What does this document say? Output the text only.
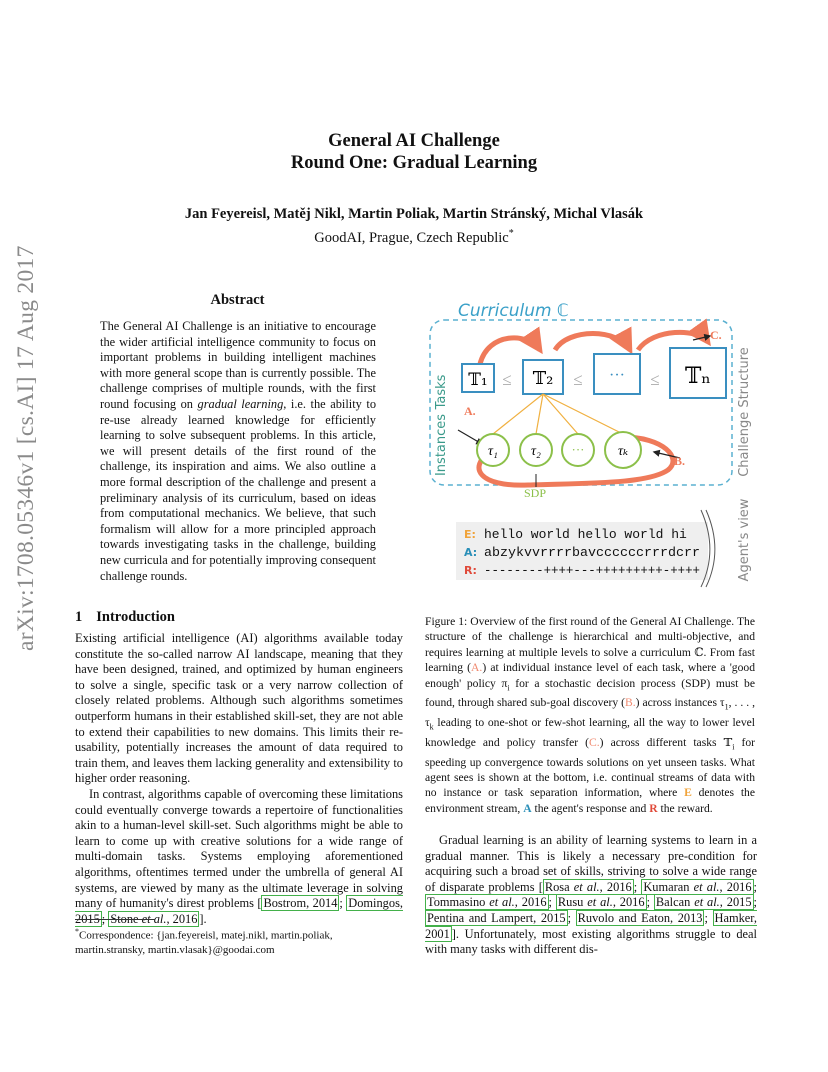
arXiv:1708.05346v1 [cs.AI] 17 Aug 2017
General AI Challenge
Round One: Gradual Learning
Jan Feyereisl, Matěj Nikl, Martin Poliak, Martin Stránský, Michal Vlasák
GoodAI, Prague, Czech Republic*
Abstract

The General AI Challenge is an initiative to encourage the wider artificial intelligence community to focus on important problems in building intelligent machines with more general scope than is currently possible. The challenge comprises of multiple rounds, with the first round focusing on gradual learning, i.e. the ability to re-use already learned knowledge for efficiently learning to solve subsequent problems. In this article, we will present details of the first round of the challenge, its inspiration and aims. We also outline a more formal description of the challenge and present a preliminary analysis of its curriculum, based on ideas from computational mechanics. We believe, that such formalism will allow for a more principled approach towards investigating tasks in the challenge, building new curricula and for potentially improving consequent challenge rounds.

1 Introduction

Existing artificial intelligence (AI) algorithms available today constitute the so-called narrow AI landscape, meaning that they have been designed, trained, and optimized by human engineers to solve a single, specific task or a very narrow collection of closely related problems. Although such algorithms sometimes outperform humans in their established skill-set, they are not able to extend their capabilities to new domains. This limits their re-usability, potentially increases the amount of data required to train them, and leaves them lacking generality and extensibility to higher order reasoning.

In contrast, algorithms capable of overcoming these limitations could eventually converge towards a repertoire of functionalities akin to a human-level skill-set. Such algorithms might be able to learn to come up with creative solutions for a wide range of multi-domain tasks. Systems employing aforementioned algorithms, oftentimes termed under the umbrella of general AI systems, are viewed by many as the ultimate leverage in solving many of humanity's direst problems [ Bostrom, 2014 ; Domingos, 2015 ; Stone et al., 2016 ].

*Correspondence: {jan.feyereisl, matej.nikl, martin.poliak, martin.stransky, martin.vlasak}@goodai.com
Curriculum ℂ
Tasks
Instances	Challenge Structure
Agent's view
𝕋₁ ≤ 𝕋₂ ≤ ··· ≤ 𝕋ₙ
τ₁ τ₂ ··· τₖ
A.
B.
C.
SDP
E: hello world hello world hi
A: abzykvvrrrrbavccccccrrrdcrr
R: --------++++---+++++++++-++++
Figure 1: Overview of the first round of the General AI Challenge. The structure of the challenge is hierarchical and multi-objective, and requires learning at multiple levels to solve a curriculum ℂ. From fast learning (A.) at individual instance level of each task, where a 'good enough' policy $\pi_i$ for a stochastic decision process (SDP) must be found, through shared sub-goal discovery (B.) across instances $\tau_1$, . . . , $\tau_k$ leading to one-shot or few-shot learning, all the way to lower level knowledge and policy transfer (C.) across different tasks 𝕋$_i$ for speeding up convergence towards solutions on yet unseen tasks. What agent sees is shown at the bottom, i.e. continual streams of data with no instance or task separation information, where E denotes the environment stream, A the agent's response and R the reward.

Gradual learning is an ability of learning systems to learn in a gradual manner. This is likely a necessary pre-condition for acquiring such a broad set of skills, striving to solve a wide range of disparate problems [ Rosa et al., 2016 ; Kumaran et al., 2016 ; Tommasino et al., 2016 ; Rusu et al., 2016 ; Balcan et al., 2015 ; Pentina and Lampert, 2015 ; Ruvolo and Eaton, 2013 ; Hamker, 2001 ]. Unfortunately, most existing algorithms struggle to deal with many tasks with different dis-
